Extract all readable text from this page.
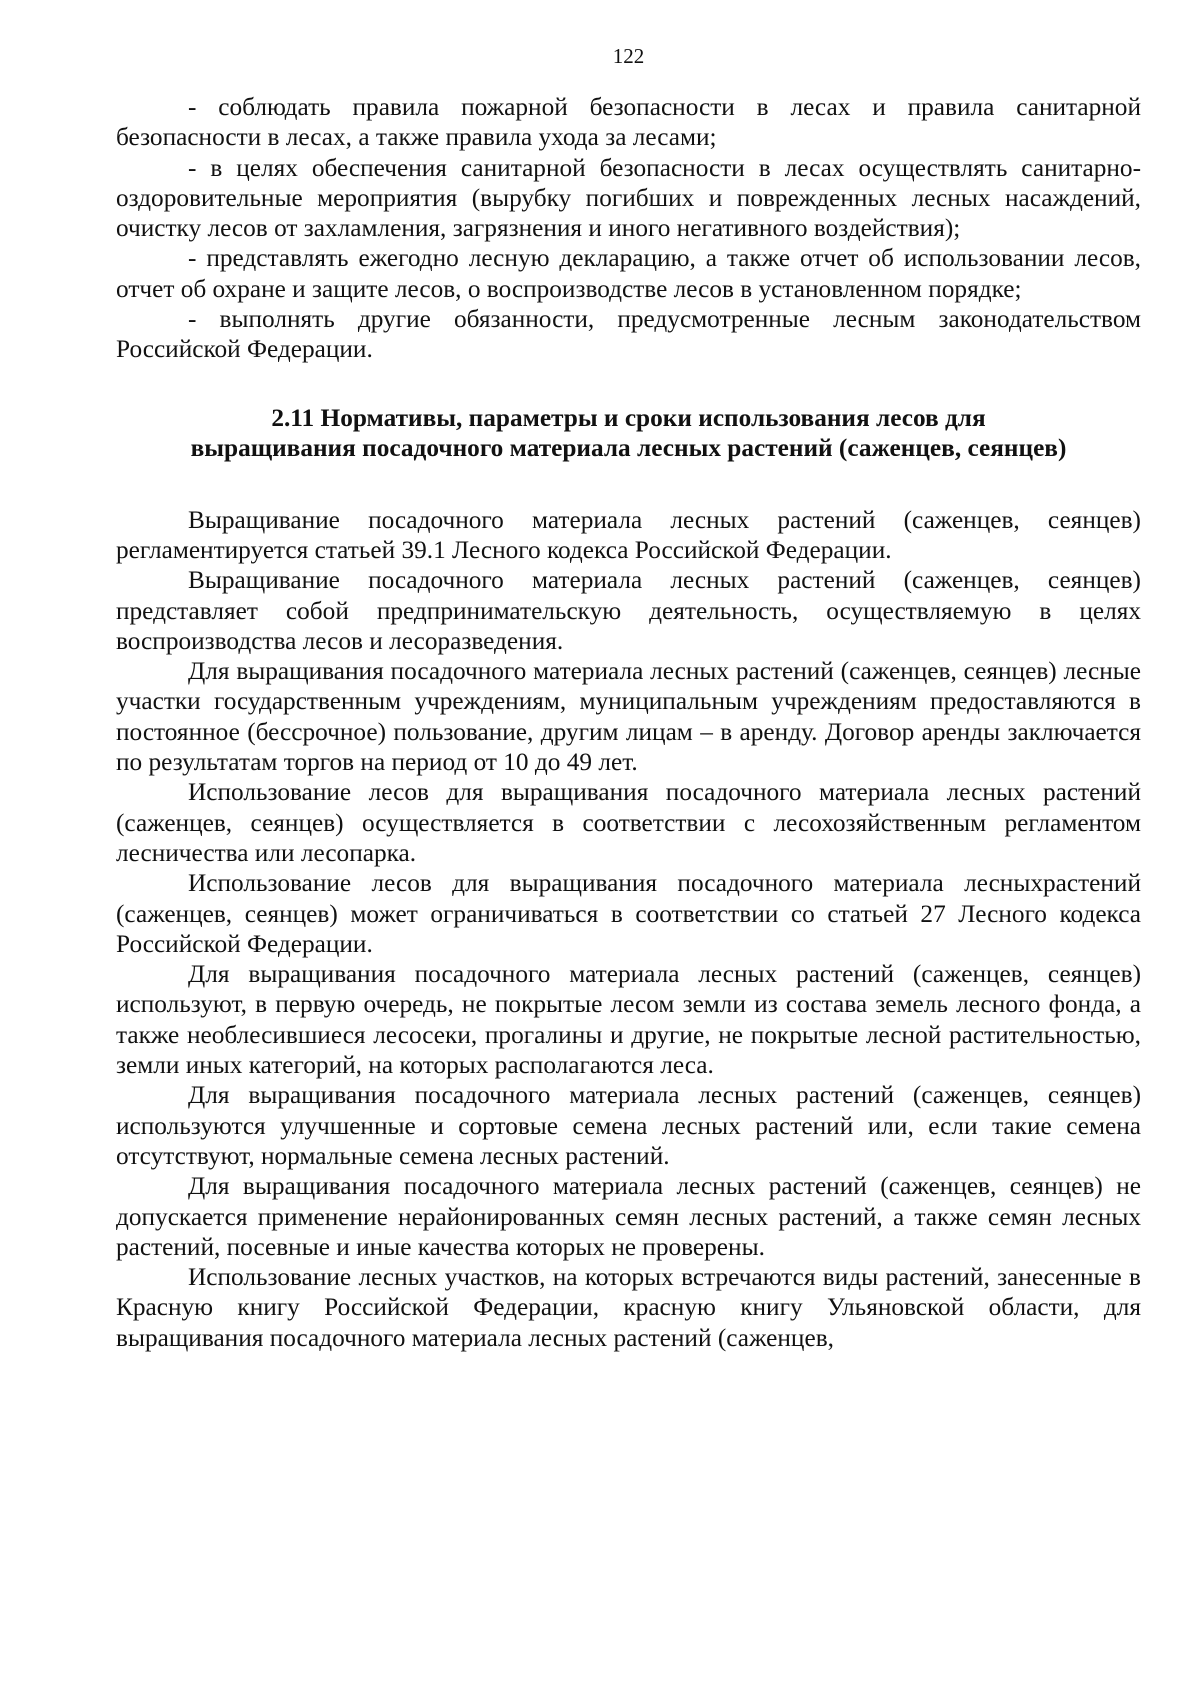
122

- соблюдать правила пожарной безопасности в лесах и правила санитарной безопасности в лесах, а также правила ухода за лесами;

- в целях обеспечения санитарной безопасности в лесах осуществлять санитарно-оздоровительные мероприятия (вырубку погибших и поврежденных лесных насаждений, очистку лесов от захламления, загрязнения и иного негативного воздействия);

- представлять ежегодно лесную декларацию, а также отчет об использовании лесов, отчет об охране и защите лесов, о воспроизводстве лесов в установленном порядке;

- выполнять другие обязанности, предусмотренные лесным законодательством Российской Федерации.

2.11 Нормативы, параметры и сроки использования лесов для
выращивания посадочного материала лесных растений (саженцев, сеянцев)

Выращивание посадочного материала лесных растений (саженцев, сеянцев) регламентируется статьей 39.1 Лесного кодекса Российской Федерации.

Выращивание посадочного материала лесных растений (саженцев, сеянцев) представляет собой предпринимательскую деятельность, осуществляемую в целях воспроизводства лесов и лесоразведения.

Для выращивания посадочного материала лесных растений (саженцев, сеянцев) лесные участки государственным учреждениям, муниципальным учреждениям предоставляются в постоянное (бессрочное) пользование, другим лицам – в аренду. Договор аренды заключается по результатам торгов на период от 10 до 49 лет.

Использование лесов для выращивания посадочного материала лесных растений (саженцев, сеянцев) осуществляется в соответствии с лесохозяйственным регламентом лесничества или лесопарка.

Использование лесов для выращивания посадочного материала лесныхрастений (саженцев, сеянцев) может ограничиваться в соответствии со статьей 27 Лесного кодекса Российской Федерации.

Для выращивания посадочного материала лесных растений (саженцев, сеянцев) используют, в первую очередь, не покрытые лесом земли из состава земель лесного фонда, а также необлесившиеся лесосеки, прогалины и другие, не покрытые лесной растительностью, земли иных категорий, на которых располагаются леса.

Для выращивания посадочного материала лесных растений (саженцев, сеянцев) используются улучшенные и сортовые семена лесных растений или, если такие семена отсутствуют, нормальные семена лесных растений.

Для выращивания посадочного материала лесных растений (саженцев, сеянцев) не допускается применение нерайонированных семян лесных растений, а также семян лесных растений, посевные и иные качества которых не проверены.

Использование лесных участков, на которых встречаются виды растений, занесенные в Красную книгу Российской Федерации, красную книгу Ульяновской области, для выращивания посадочного материала лесных растений (саженцев,
